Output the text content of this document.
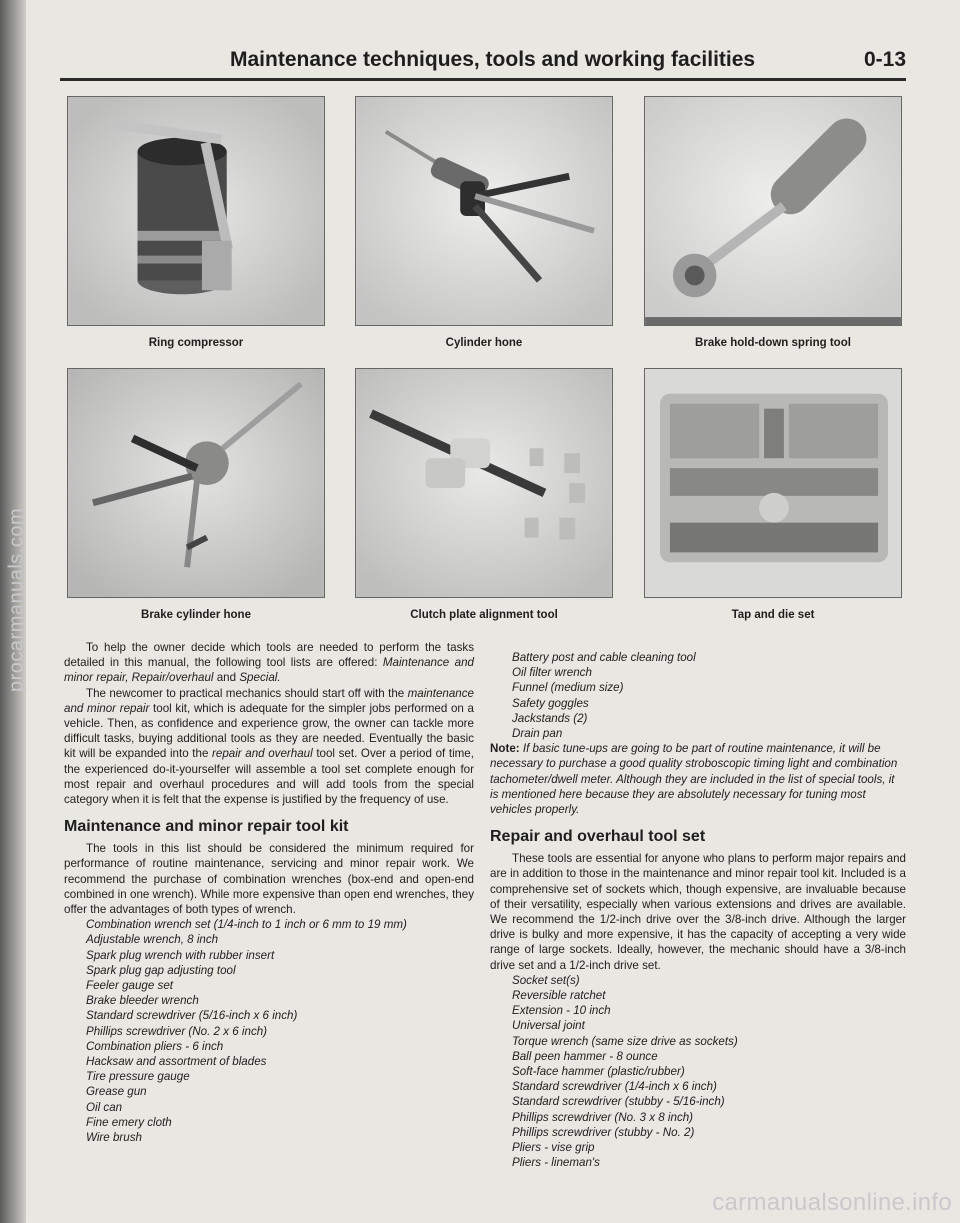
procarmanuals.com
carmanualsonline.info
Maintenance techniques, tools and working facilities	0-13
Ring compressor	Cylinder hone	Brake hold-down spring tool
Brake cylinder hone	Clutch plate alignment tool	Tap and die set

To help the owner decide which tools are needed to perform the tasks detailed in this manual, the following tool lists are offered: Maintenance and minor repair, Repair/overhaul and Special.

The newcomer to practical mechanics should start off with the maintenance and minor repair tool kit, which is adequate for the simpler jobs performed on a vehicle. Then, as confidence and experience grow, the owner can tackle more difficult tasks, buying additional tools as they are needed. Eventually the basic kit will be expanded into the repair and overhaul tool set. Over a period of time, the experienced do-it-yourselfer will assemble a tool set complete enough for most repair and overhaul procedures and will add tools from the special category when it is felt that the expense is justified by the frequency of use.

Maintenance and minor repair tool kit

The tools in this list should be considered the minimum required for performance of routine maintenance, servicing and minor repair work. We recommend the purchase of combination wrenches (box-end and open-end combined in one wrench). While more expensive than open end wrenches, they offer the advantages of both types of wrench.

Combination wrench set (1/4-inch to 1 inch or 6 mm to 19 mm)
Adjustable wrench, 8 inch
Spark plug wrench with rubber insert
Spark plug gap adjusting tool
Feeler gauge set
Brake bleeder wrench
Standard screwdriver (5/16-inch x 6 inch)
Phillips screwdriver (No. 2 x 6 inch)
Combination pliers - 6 inch
Hacksaw and assortment of blades
Tire pressure gauge
Grease gun
Oil can
Fine emery cloth
Wire brush
Battery post and cable cleaning tool
Oil filter wrench
Funnel (medium size)
Safety goggles
Jackstands (2)
Drain pan

Note: If basic tune-ups are going to be part of routine maintenance, it will be necessary to purchase a good quality stroboscopic timing light and combination tachometer/dwell meter. Although they are included in the list of special tools, it is mentioned here because they are absolutely necessary for tuning most vehicles properly.

Repair and overhaul tool set

These tools are essential for anyone who plans to perform major repairs and are in addition to those in the maintenance and minor repair tool kit. Included is a comprehensive set of sockets which, though expensive, are invaluable because of their versatility, especially when various extensions and drives are available. We recommend the 1/2-inch drive over the 3/8-inch drive. Although the larger drive is bulky and more expensive, it has the capacity of accepting a very wide range of large sockets. Ideally, however, the mechanic should have a 3/8-inch drive set and a 1/2-inch drive set.

Socket set(s)
Reversible ratchet
Extension - 10 inch
Universal joint
Torque wrench (same size drive as sockets)
Ball peen hammer - 8 ounce
Soft-face hammer (plastic/rubber)
Standard screwdriver (1/4-inch x 6 inch)
Standard screwdriver (stubby - 5/16-inch)
Phillips screwdriver (No. 3 x 8 inch)
Phillips screwdriver (stubby - No. 2)
Pliers - vise grip
Pliers - lineman's
